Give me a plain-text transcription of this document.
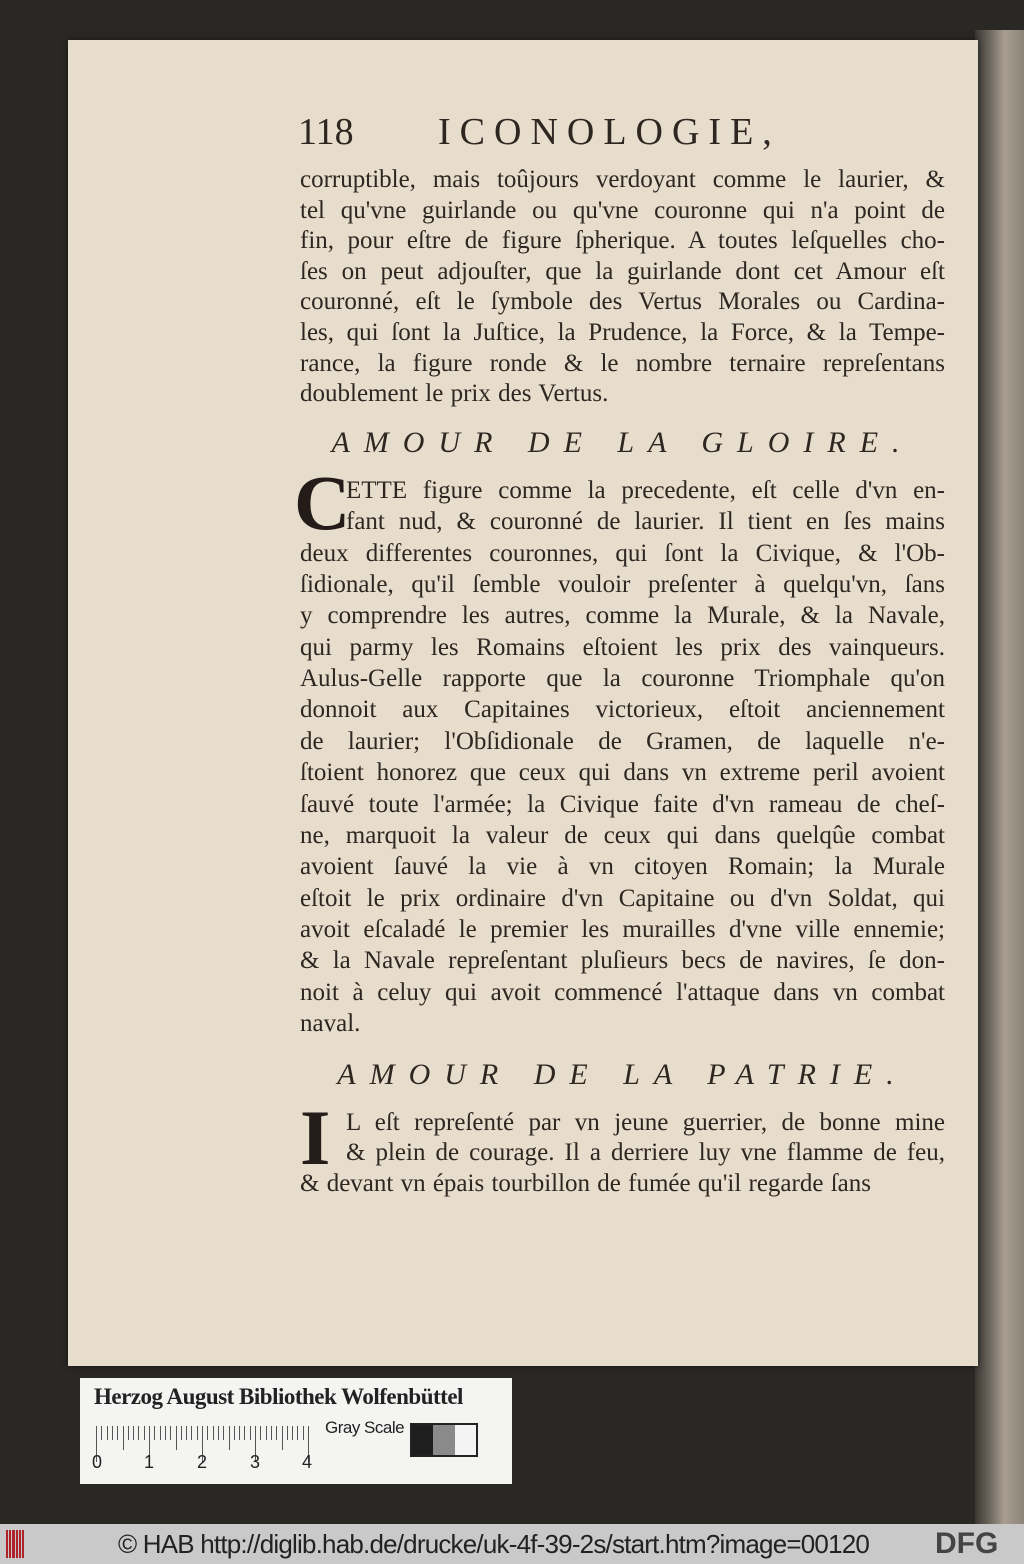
118 ICONOLOGIE,
corruptible, mais toûjours verdoyant comme le laurier, &
tel qu'vne guirlande ou qu'vne couronne qui n'a point de
fin, pour eſtre de figure ſpherique. A toutes leſquelles cho-
ſes on peut adjouſter, que la guirlande dont cet Amour eſt
couronné, eſt le ſymbole des Vertus Morales ou Cardina-
les, qui ſont la Juſtice, la Prudence, la Force, & la Tempe-
rance, la figure ronde & le nombre ternaire repreſentans
doublement le prix des Vertus.
AMOUR DE LA GLOIRE.
C
ETTE figure comme la precedente, eſt celle d'vn en-
fant nud, & couronné de laurier. Il tient en ſes mains
deux differentes couronnes, qui ſont la Civique, & l'Ob-
ſidionale, qu'il ſemble vouloir preſenter à quelqu'vn, ſans
y comprendre les autres, comme la Murale, & la Navale,
qui parmy les Romains eſtoient les prix des vainqueurs.
Aulus-Gelle rapporte que la couronne Triomphale qu'on
donnoit aux Capitaines victorieux, eſtoit anciennement
de laurier; l'Obſidionale de Gramen, de laquelle n'e-
ſtoient honorez que ceux qui dans vn extreme peril avoient
ſauvé toute l'armée; la Civique faite d'vn rameau de cheſ-
ne, marquoit la valeur de ceux qui dans quelqûe combat
avoient ſauvé la vie à vn citoyen Romain; la Murale
eſtoit le prix ordinaire d'vn Capitaine ou d'vn Soldat, qui
avoit eſcaladé le premier les murailles d'vne ville ennemie;
& la Navale repreſentant pluſieurs becs de navires, ſe don-
noit à celuy qui avoit commencé l'attaque dans vn combat
naval.
AMOUR DE LA PATRIE.
I L eſt repreſenté par vn jeune guerrier, de bonne mine
& plein de courage. Il a derriere luy vne flamme de feu,
& devant vn épais tourbillon de fumée qu'il regarde ſans
Herzog August Bibliothek Wolfenbüttel
0 1 2 3 4
Gray Scale
© HAB http://diglib.hab.de/drucke/uk-4f-39-2s/start.htm?image=00120 DFG
